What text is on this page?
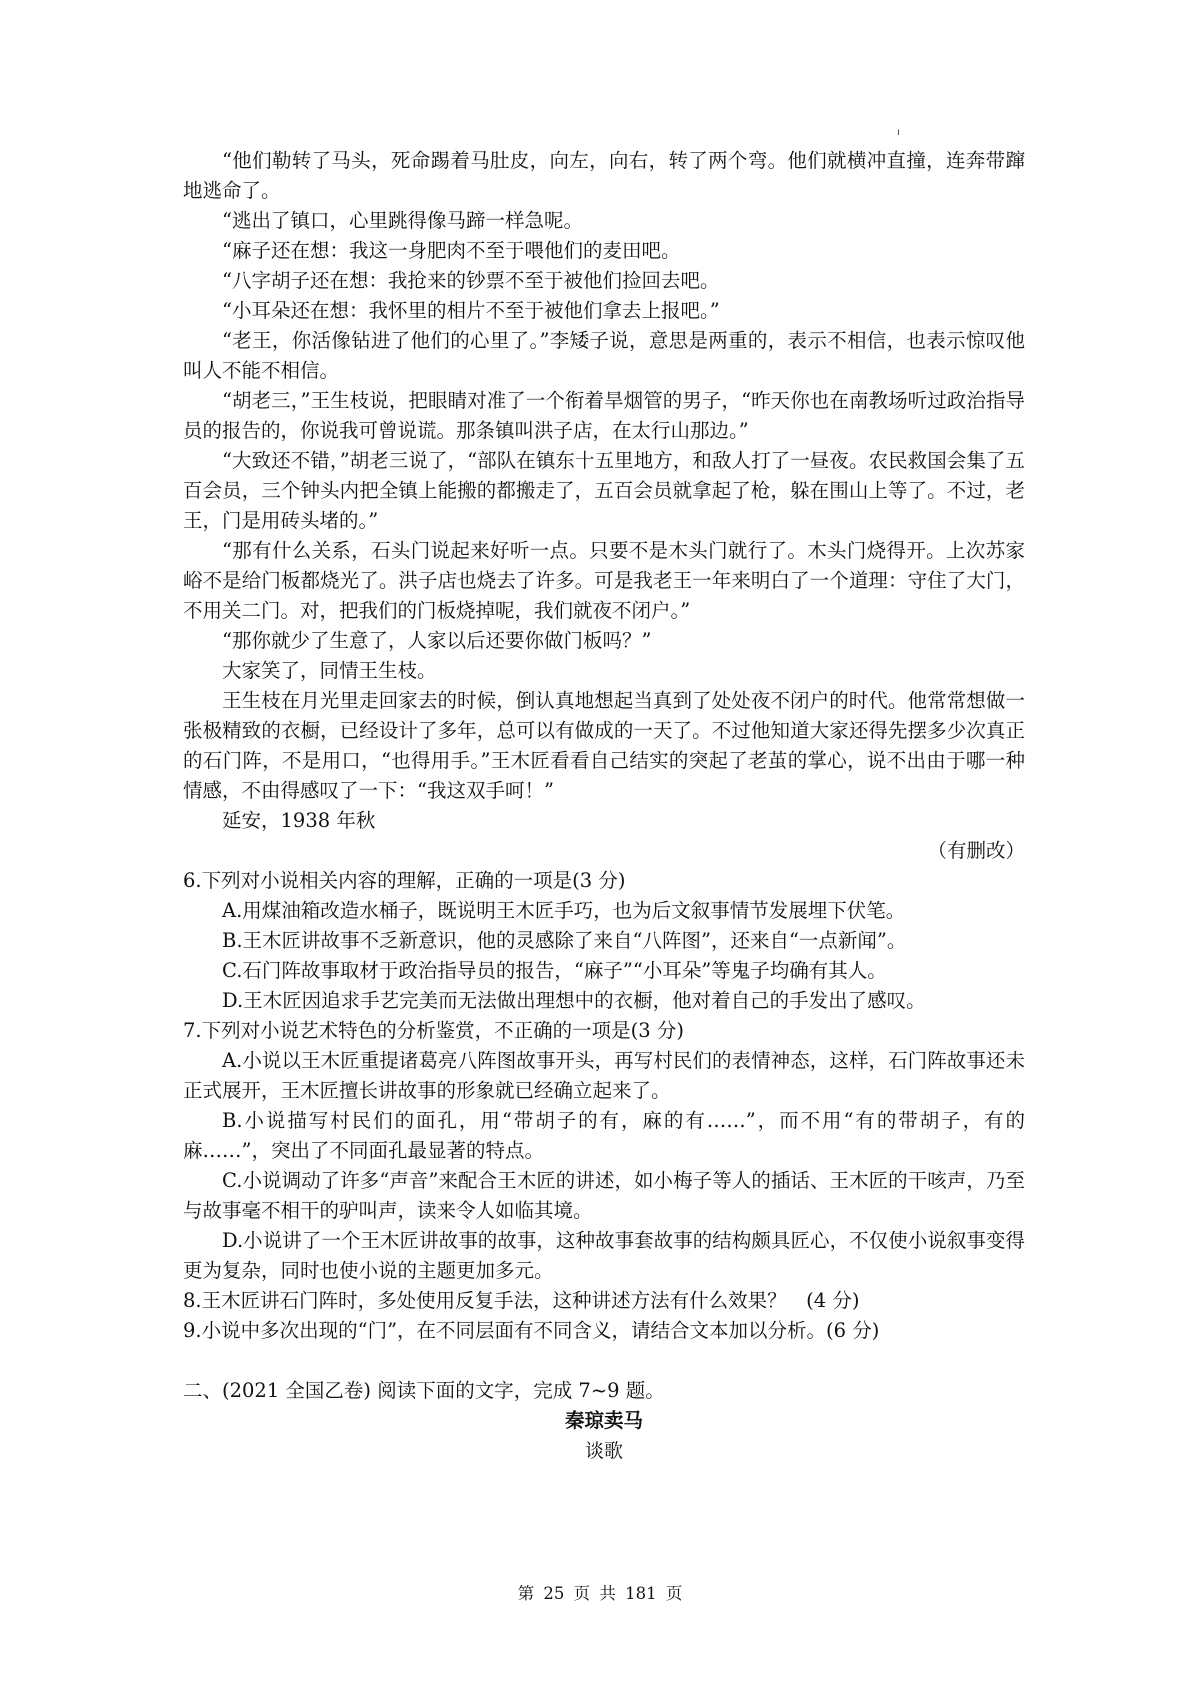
ı

“他们勒转了马头，死命踢着马肚皮，向左，向右，转了两个弯。他们就横冲直撞，连奔带蹿地逃命了。

“逃出了镇口，心里跳得像马蹄一样急呢。

“麻子还在想：我这一身肥肉不至于喂他们的麦田吧。

“八字胡子还在想：我抢来的钞票不至于被他们捡回去吧。

“小耳朵还在想：我怀里的相片不至于被他们拿去上报吧。”

“老王，你活像钻进了他们的心里了。”李矮子说，意思是两重的，表示不相信，也表示惊叹他叫人不能不相信。

“胡老三，”王生枝说，把眼睛对准了一个衔着旱烟管的男子，“昨天你也在南教场听过政治指导员的报告的，你说我可曾说谎。那条镇叫洪子店，在太行山那边。”

“大致还不错，”胡老三说了，“部队在镇东十五里地方，和敌人打了一昼夜。农民救国会集了五百会员，三个钟头内把全镇上能搬的都搬走了，五百会员就拿起了枪，躲在围山上等了。不过，老王，门是用砖头堵的。”

“那有什么关系，石头门说起来好听一点。只要不是木头门就行了。木头门烧得开。上次苏家峪不是给门板都烧光了。洪子店也烧去了许多。可是我老王一年来明白了一个道理：守住了大门，不用关二门。对，把我们的门板烧掉呢，我们就夜不闭户。”

“那你就少了生意了，人家以后还要你做门板吗？”

大家笑了，同情王生枝。

王生枝在月光里走回家去的时候，倒认真地想起当真到了处处夜不闭户的时代。他常常想做一张极精致的衣橱，已经设计了多年，总可以有做成的一天了。不过他知道大家还得先摆多少次真正的石门阵，不是用口，“也得用手。”王木匠看看自己结实的突起了老茧的掌心，说不出由于哪一种情感，不由得感叹了一下：“我这双手呵！”

延安，1938 年秋

（有删改）

6.下列对小说相关内容的理解，正确的一项是(3 分)

A.用煤油箱改造水桶子，既说明王木匠手巧，也为后文叙事情节发展埋下伏笔。

B.王木匠讲故事不乏新意识，他的灵感除了来自“八阵图”，还来自“一点新闻”。

C.石门阵故事取材于政治指导员的报告，“麻子”“小耳朵”等鬼子均确有其人。

D.王木匠因追求手艺完美而无法做出理想中的衣橱，他对着自己的手发出了感叹。

7.下列对小说艺术特色的分析鉴赏，不正确的一项是(3 分)

A.小说以王木匠重提诸葛亮八阵图故事开头，再写村民们的表情神态，这样，石门阵故事还未正式展开，王木匠擅长讲故事的形象就已经确立起来了。

B.小说描写村民们的面孔，用“带胡子的有，麻的有……”，而不用“有的带胡子，有的麻……”，突出了不同面孔最显著的特点。

C.小说调动了许多“声音”来配合王木匠的讲述，如小梅子等人的插话、王木匠的干咳声，乃至与故事毫不相干的驴叫声，读来令人如临其境。

D.小说讲了一个王木匠讲故事的故事，这种故事套故事的结构颇具匠心，不仅使小说叙事变得更为复杂，同时也使小说的主题更加多元。

8.王木匠讲石门阵时，多处使用反复手法，这种讲述方法有什么效果？　(4 分)

9.小说中多次出现的“门”，在不同层面有不同含义，请结合文本加以分析。(6 分)

二、(2021 全国乙卷) 阅读下面的文字，完成 7~9 题。

秦琼卖马

谈歌

第 25 页 共 181 页
